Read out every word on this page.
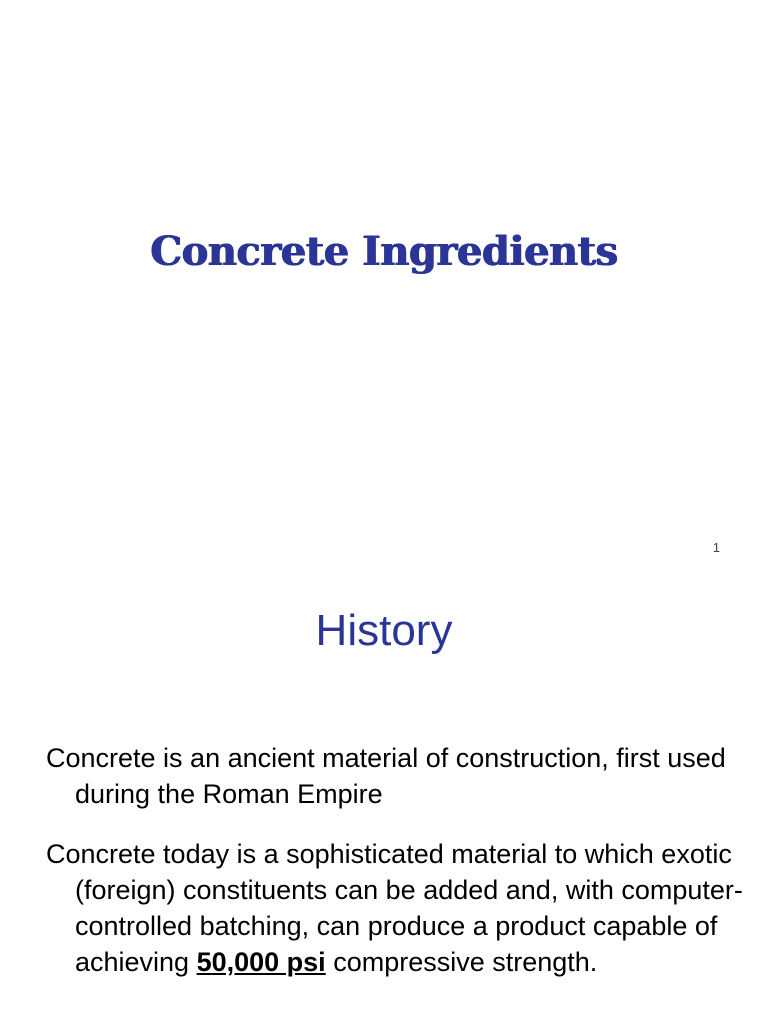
Concrete Ingredients
1
History
Concrete is an ancient material of construction, first used during the Roman Empire
Concrete today is a sophisticated material to which exotic (foreign) constituents can be added and, with computer-controlled batching, can produce a product capable of achieving 50,000 psi compressive strength.
